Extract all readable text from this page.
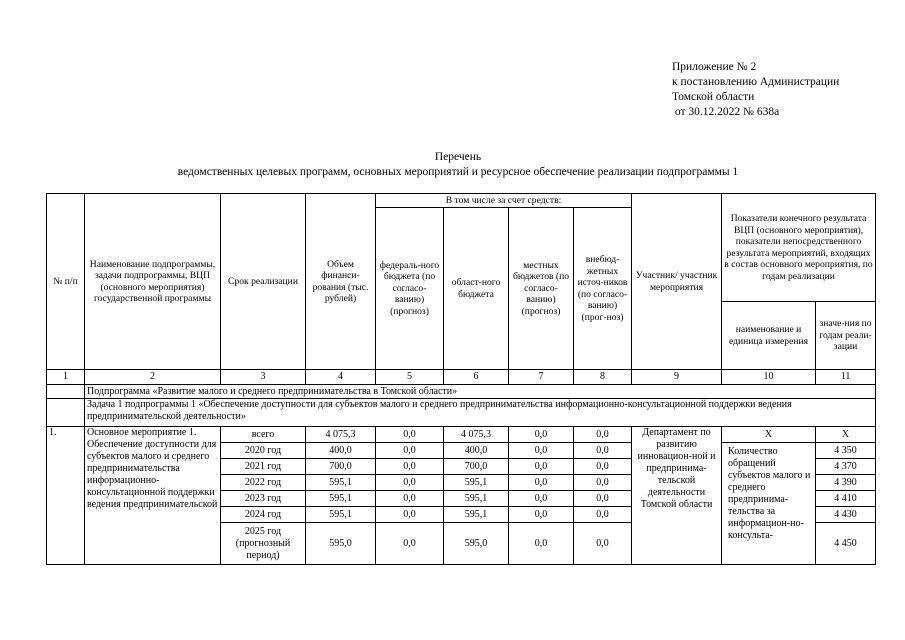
Приложение № 2
к постановлению Администрации
Томской области
от 30.12.2022 № 638а
Перечень
ведомственных целевых программ, основных мероприятий и ресурсное обеспечение реализации подпрограммы 1
№ п/п	Наименование подпрограммы, задачи подпрограммы, ВЦП (основного мероприятия) государственной программы	Срок реализации	Объем финанси-рования (тыс. рублей)	В том числе за счет средств:				Участник/ участник мероприятия	Показатели конечного результата ВЦП (основного мероприятия), показатели непосредственного результата мероприятий, входящих в состав основного мероприятия, по годам реализации	
				федераль-ного бюджета (по согласо-ванию) (прогноз)	област-ного бюджета	местных бюджетов (по согласо-ванию) (прогноз)	внебюд-жетных источ-ников (по согласо-ванию) (прог-ноз)			
									наименование и единица измерения	значе-ния по годам реали-зации
1	2	3	4	5	6	7	8	9	10	11
	Подпрограмма «Развитие малого и среднего предпринимательства в Томской области»									
	Задача 1 подпрограммы 1 «Обеспечение доступности для субъектов малого и среднего предпринимательства информационно-консультационной поддержки ведения предпринимательской деятельности»									
1.	Основное мероприятие 1. Обеспечение доступности для субъектов малого и среднего предпринимательства информационно-консультационной поддержки ведения предпринимательской	всего	4 075,3	0,0	4 075,3	0,0	0,0	Департамент по развитию инновацион-ной и предпринима-тельской деятельности Томской области	Х	Х
		2020 год	400,0	0,0	400,0	0,0	0,0		Количество обращений субъектов малого и среднего предпринима-тельства за информацион-но-консульта-	4 350
		2021 год	700,0	0,0	700,0	0,0	0,0			4 370
		2022 год	595,1	0,0	595,1	0,0	0,0			4 390
		2023 год	595,1	0,0	595,1	0,0	0,0			4 410
		2024 год	595,1	0,0	595,1	0,0	0,0			4 430
		2025 год (прогнозный период)	595,0	0,0	595,0	0,0	0,0			4 450
